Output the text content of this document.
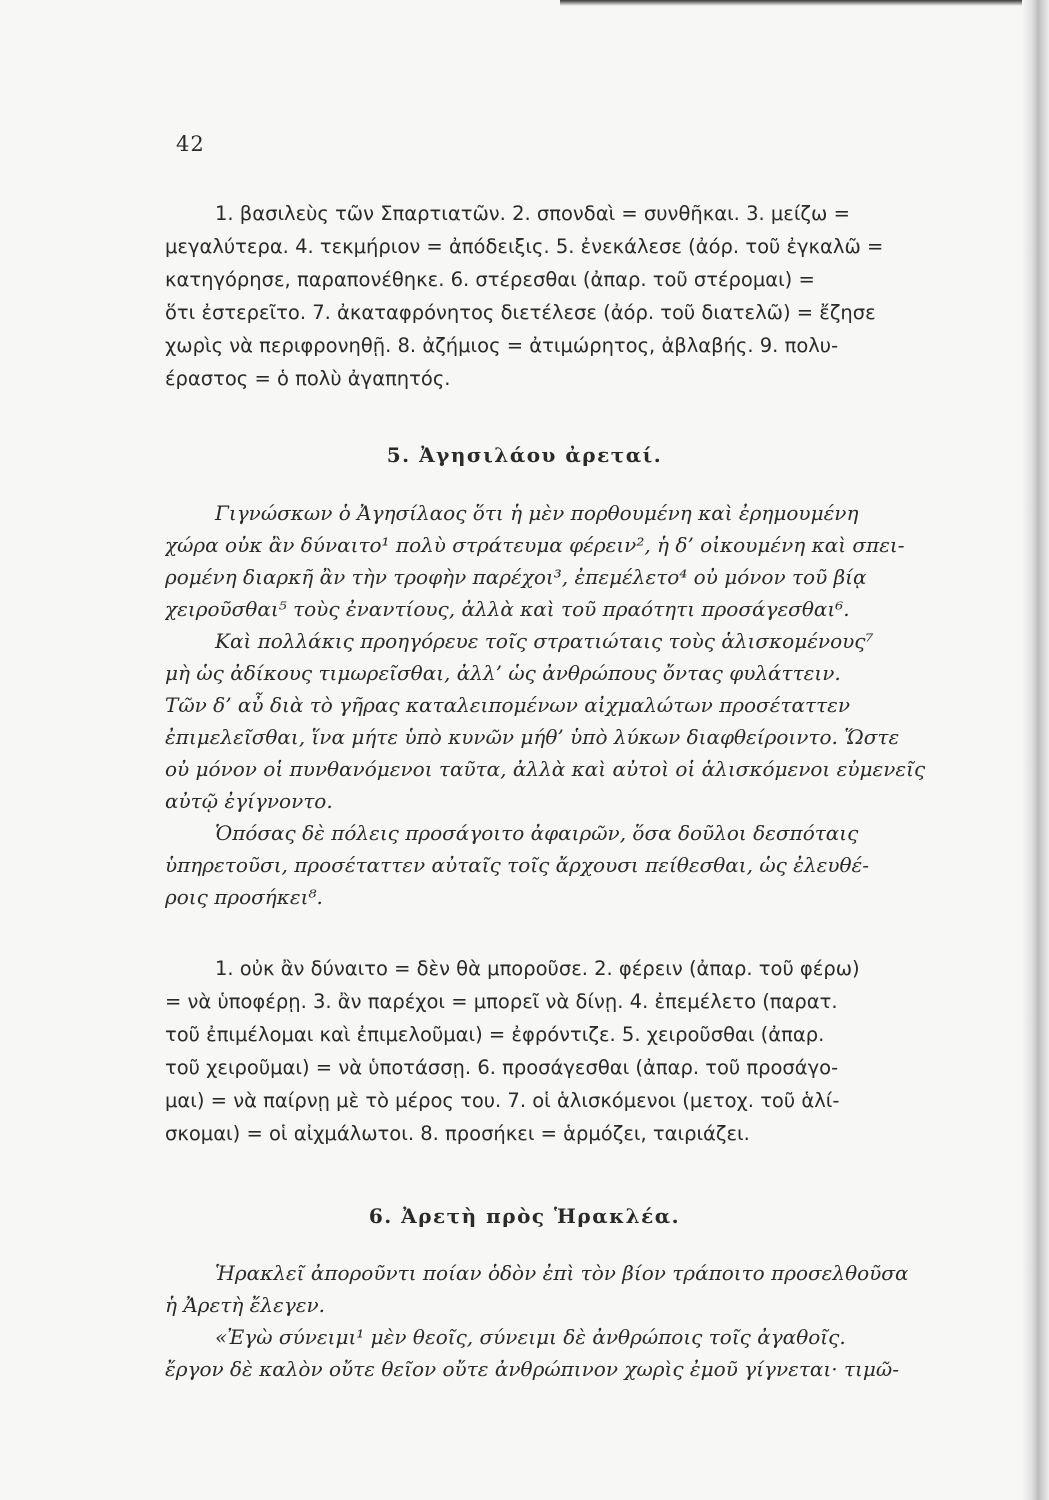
42
1. βασιλεὺς τῶν Σπαρτιατῶν. 2. σπονδαὶ = συνθῆκαι. 3. μείζω =
μεγαλύτερα. 4. τεκμήριον = ἀπόδειξις. 5. ἐνεκάλεσε (ἀόρ. τοῦ ἐγκαλῶ =
κατηγόρησε, παραπονέθηκε. 6. στέρεσθαι (ἀπαρ. τοῦ στέρομαι) =
ὅτι ἐστερεῖτο. 7. ἀκαταφρόνητος διετέλεσε (ἀόρ. τοῦ διατελῶ) = ἔζησε
χωρὶς νὰ περιφρονηθῇ. 8. ἀζήμιος = ἀτιμώρητος, ἀβλαβής. 9. πολυ-
έραστος = ὁ πολὺ ἀγαπητός.
5. Ἀγησιλάου ἀρεταί.
Γιγνώσκων ὁ Ἀγησίλαος ὅτι ἡ μὲν πορθουμένη καὶ ἐρημουμένη
χώρα οὐκ ἂν δύναιτο¹ πολὺ στράτευμα φέρειν², ἡ δ’ οἰκουμένη καὶ σπει-
ρομένη διαρκῆ ἂν τὴν τροφὴν παρέχοι³, ἐπεμέλετο⁴ οὐ μόνον τοῦ βίᾳ
χειροῦσθαι⁵ τοὺς ἐναντίους, ἀλλὰ καὶ τοῦ πραότητι προσάγεσθαι⁶.
Καὶ πολλάκις προηγόρευε τοῖς στρατιώταις τοὺς ἁλισκομένους⁷
μὴ ὡς ἀδίκους τιμωρεῖσθαι, ἀλλ’ ὡς ἀνθρώπους ὄντας φυλάττειν.
Τῶν δ’ αὖ διὰ τὸ γῆρας καταλειπομένων αἰχμαλώτων προσέταττεν
ἐπιμελεῖσθαι, ἵνα μήτε ὑπὸ κυνῶν μήθ’ ὑπὸ λύκων διαφθείροιντο. Ὥστε
οὐ μόνον οἱ πυνθανόμενοι ταῦτα, ἀλλὰ καὶ αὐτοὶ οἱ ἁλισκόμενοι εὐμενεῖς
αὐτῷ ἐγίγνοντο.
Ὁπόσας δὲ πόλεις προσάγοιτο ἀφαιρῶν, ὅσα δοῦλοι δεσπόταις
ὑπηρετοῦσι, προσέταττεν αὐταῖς τοῖς ἄρχουσι πείθεσθαι, ὡς ἐλευθέ-
ροις προσήκει⁸.
1. οὐκ ἂν δύναιτο = δὲν θὰ μποροῦσε. 2. φέρειν (ἀπαρ. τοῦ φέρω)
= νὰ ὑποφέρῃ. 3. ἂν παρέχοι = μπορεῖ νὰ δίνῃ. 4. ἐπεμέλετο (παρατ.
τοῦ ἐπιμέλομαι καὶ ἐπιμελοῦμαι) = ἐφρόντιζε. 5. χειροῦσθαι (ἀπαρ.
τοῦ χειροῦμαι) = νὰ ὑποτάσσῃ. 6. προσάγεσθαι (ἀπαρ. τοῦ προσάγο-
μαι) = νὰ παίρνῃ μὲ τὸ μέρος του. 7. οἱ ἁλισκόμενοι (μετοχ. τοῦ ἁλί-
σκομαι) = οἱ αἰχμάλωτοι. 8. προσήκει = ἁρμόζει, ταιριάζει.
6. Ἀρετὴ πρὸς Ἡρακλέα.
Ἡρακλεῖ ἀποροῦντι ποίαν ὁδὸν ἐπὶ τὸν βίον τράποιτο προσελθοῦσα
ἡ Ἀρετὴ ἔλεγεν.
«Ἐγὼ σύνειμι¹ μὲν θεοῖς, σύνειμι δὲ ἀνθρώποις τοῖς ἀγαθοῖς.
ἔργον δὲ καλὸν οὔτε θεῖον οὔτε ἀνθρώπινον χωρὶς ἐμοῦ γίγνεται· τιμῶ-
